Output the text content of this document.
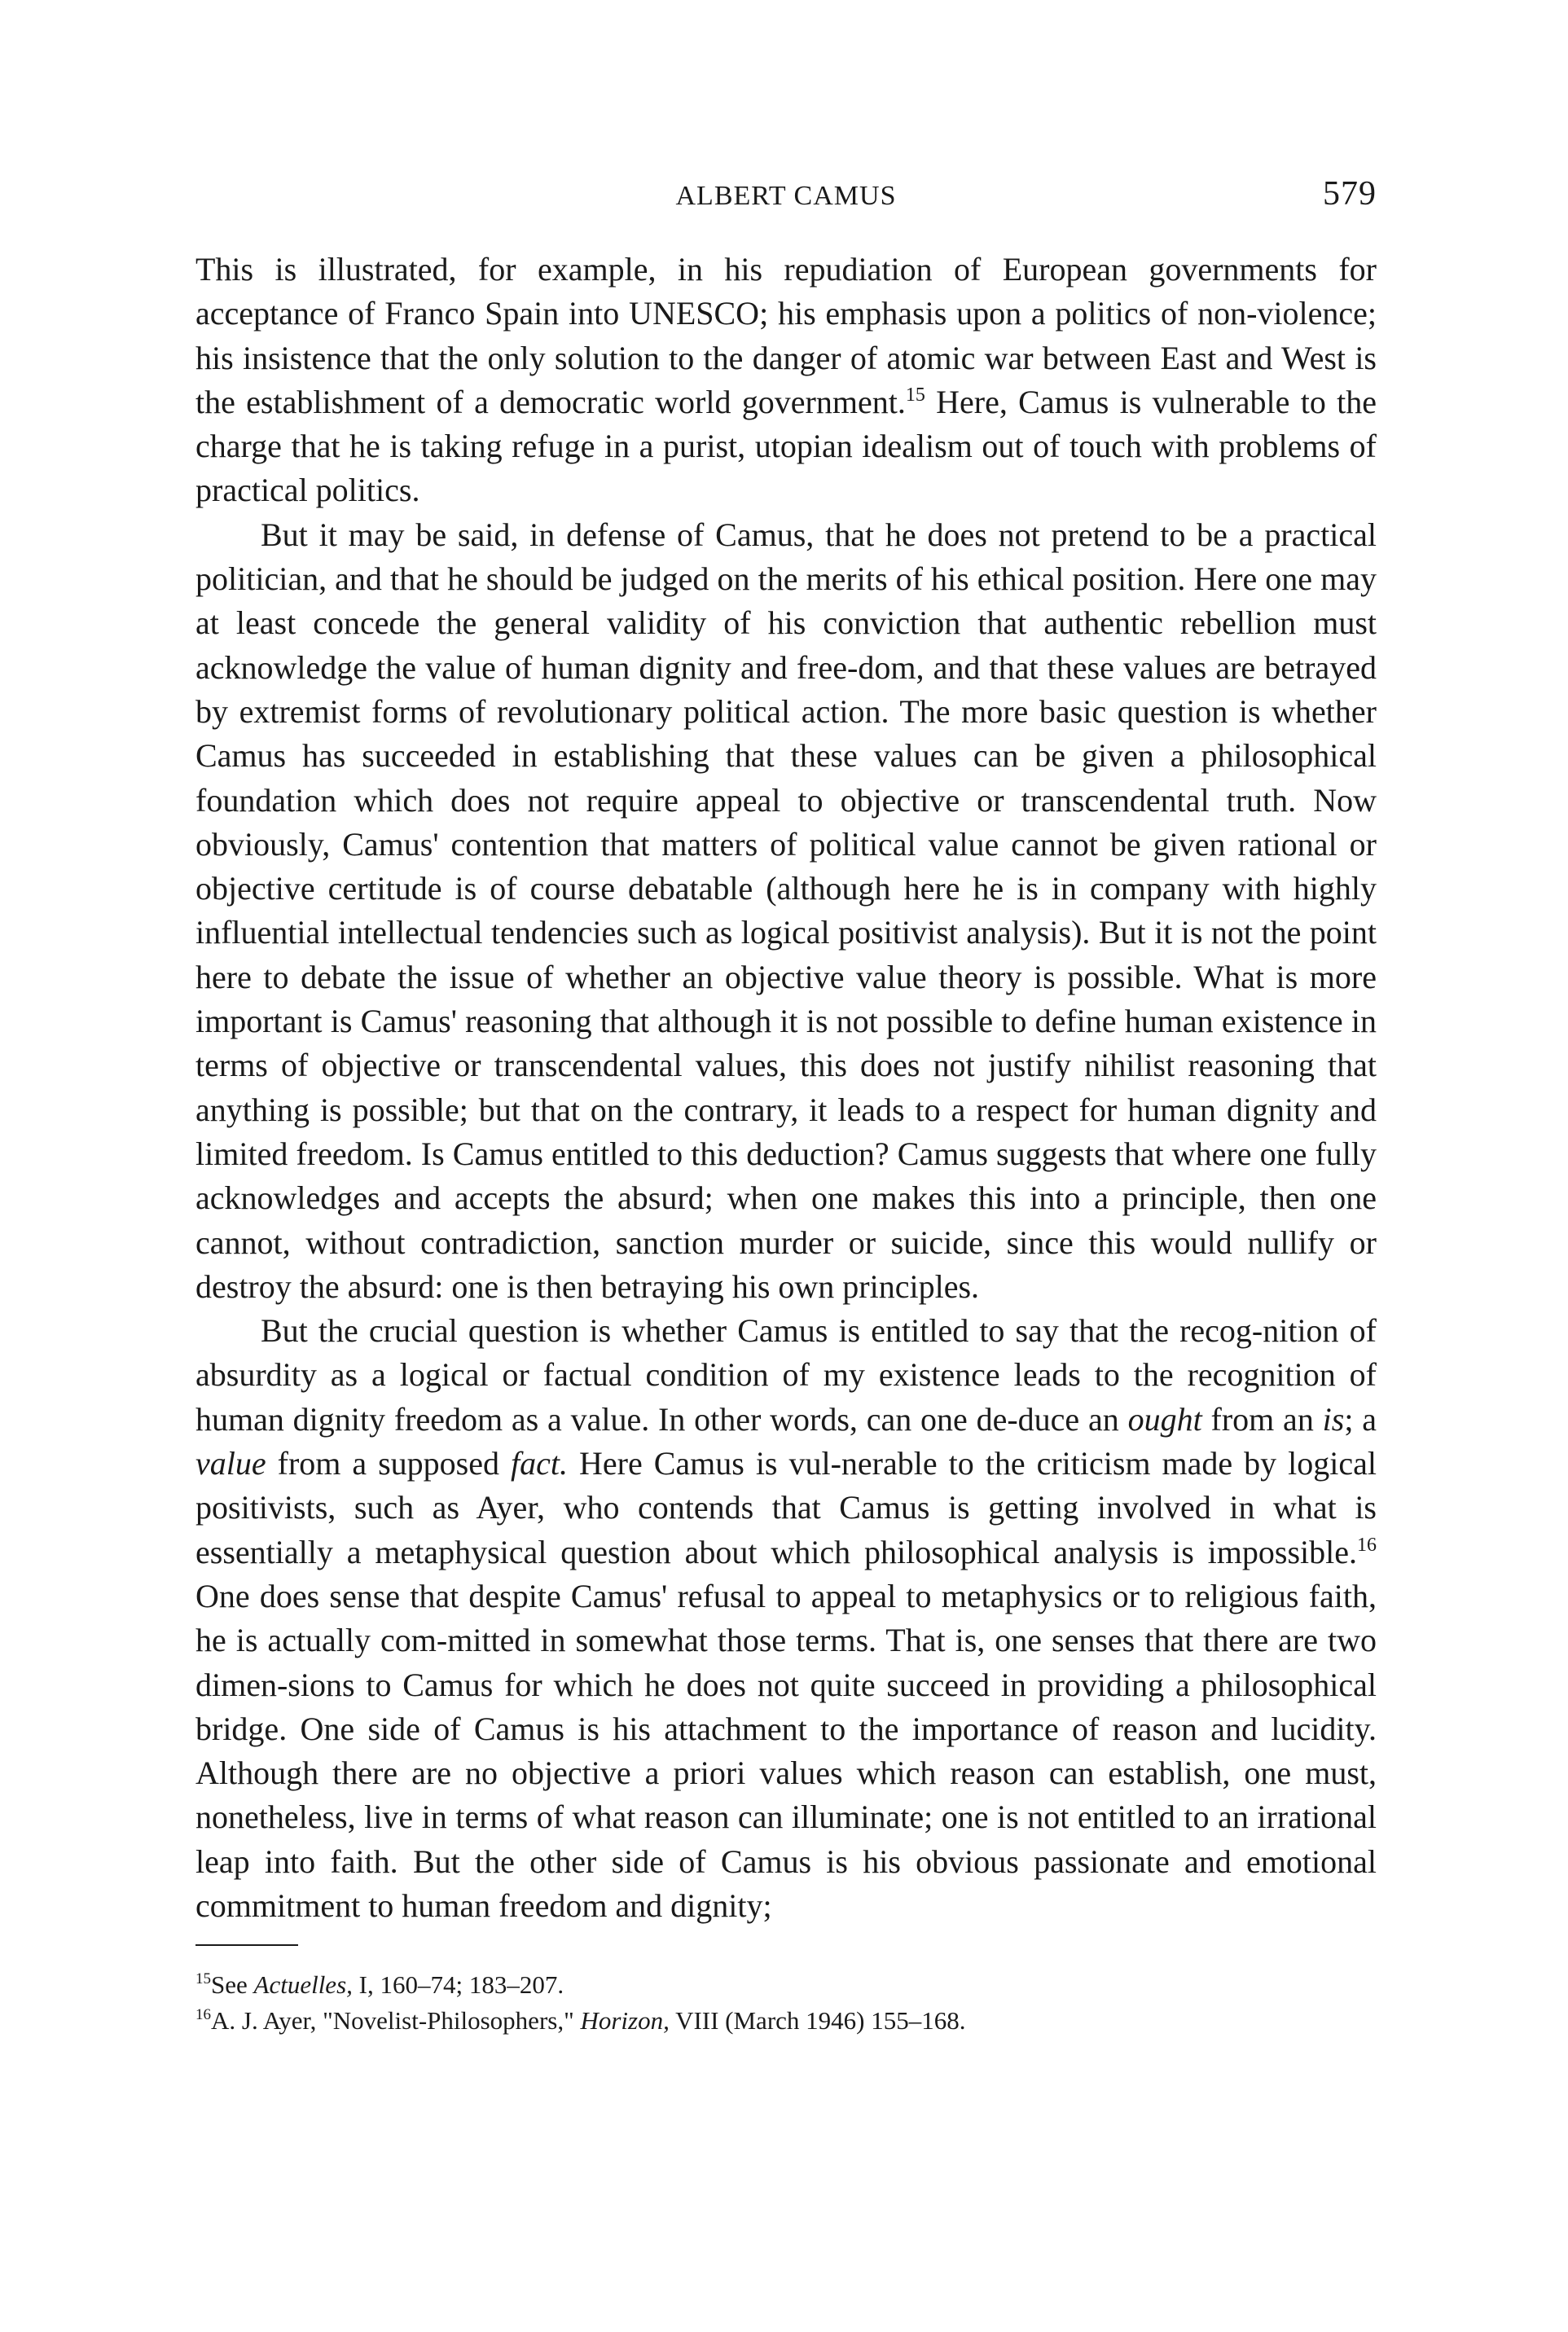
ALBERT CAMUS	579

This is illustrated, for example, in his repudiation of European governments for acceptance of Franco Spain into UNESCO; his emphasis upon a politics of non-violence; his insistence that the only solution to the danger of atomic war between East and West is the establishment of a democratic world government.$^{15}$ Here, Camus is vulnerable to the charge that he is taking refuge in a purist, utopian idealism out of touch with problems of practical politics.

But it may be said, in defense of Camus, that he does not pretend to be a practical politician, and that he should be judged on the merits of his ethical position. Here one may at least concede the general validity of his conviction that authentic rebellion must acknowledge the value of human dignity and free-dom, and that these values are betrayed by extremist forms of revolutionary political action. The more basic question is whether Camus has succeeded in establishing that these values can be given a philosophical foundation which does not require appeal to objective or transcendental truth. Now obviously, Camus' contention that matters of political value cannot be given rational or objective certitude is of course debatable (although here he is in company with highly influential intellectual tendencies such as logical positivist analysis). But it is not the point here to debate the issue of whether an objective value theory is possible. What is more important is Camus' reasoning that although it is not possible to define human existence in terms of objective or transcendental values, this does not justify nihilist reasoning that anything is possible; but that on the contrary, it leads to a respect for human dignity and limited freedom. Is Camus entitled to this deduction? Camus suggests that where one fully acknowledges and accepts the absurd; when one makes this into a principle, then one cannot, without contradiction, sanction murder or suicide, since this would nullify or destroy the absurd: one is then betraying his own principles.

But the crucial question is whether Camus is entitled to say that the recog-nition of absurdity as a logical or factual condition of my existence leads to the recognition of human dignity freedom as a value. In other words, can one de-duce an ought from an is; a value from a supposed fact. Here Camus is vul-nerable to the criticism made by logical positivists, such as Ayer, who contends that Camus is getting involved in what is essentially a metaphysical question about which philosophical analysis is impossible.$^{16}$ One does sense that despite Camus' refusal to appeal to metaphysics or to religious faith, he is actually com-mitted in somewhat those terms. That is, one senses that there are two dimen-sions to Camus for which he does not quite succeed in providing a philosophical bridge. One side of Camus is his attachment to the importance of reason and lucidity. Although there are no objective a priori values which reason can establish, one must, nonetheless, live in terms of what reason can illuminate; one is not entitled to an irrational leap into faith. But the other side of Camus is his obvious passionate and emotional commitment to human freedom and dignity;

$^{15}$See Actuelles, I, 160–74; 183–207.
$^{16}$A. J. Ayer, "Novelist-Philosophers," Horizon, VIII (March 1946) 155–168.
